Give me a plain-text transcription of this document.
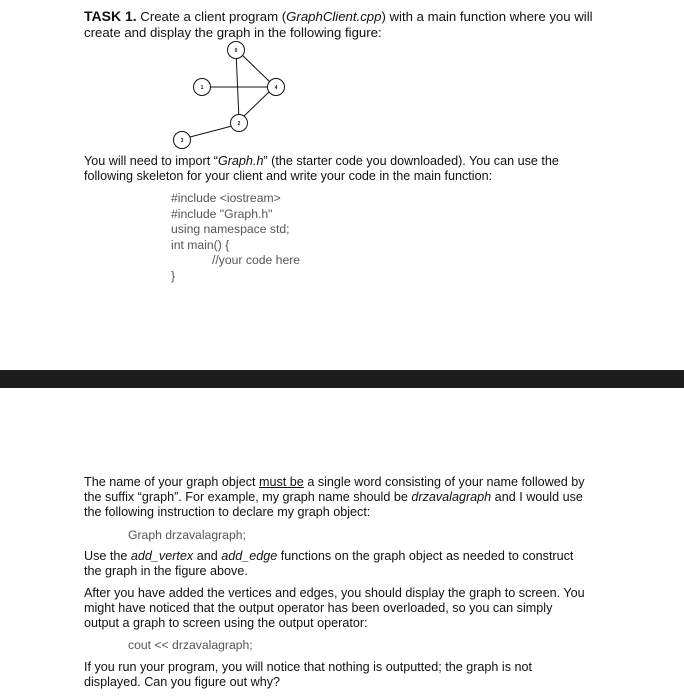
TASK 1. Create a client program (GraphClient.cpp) with a main function where you will
create and display the graph in the following figure:
0
1
2
3
4
You will need to import “Graph.h” (the starter code you downloaded). You can use the
following skeleton for your client and write your code in the main function:
#include <iostream>
#include "Graph.h"
using namespace std;
int main() {
//your code here
}
The name of your graph object must be a single word consisting of your name followed by
the suffix “graph”. For example, my graph name should be drzavalagraph and I would use
the following instruction to declare my graph object:
Graph drzavalagraph;
Use the add_vertex and add_edge functions on the graph object as needed to construct
the graph in the figure above.
After you have added the vertices and edges, you should display the graph to screen. You
might have noticed that the output operator has been overloaded, so you can simply
output a graph to screen using the output operator:
cout << drzavalagraph;
If you run your program, you will notice that nothing is outputted; the graph is not
displayed. Can you figure out why?
